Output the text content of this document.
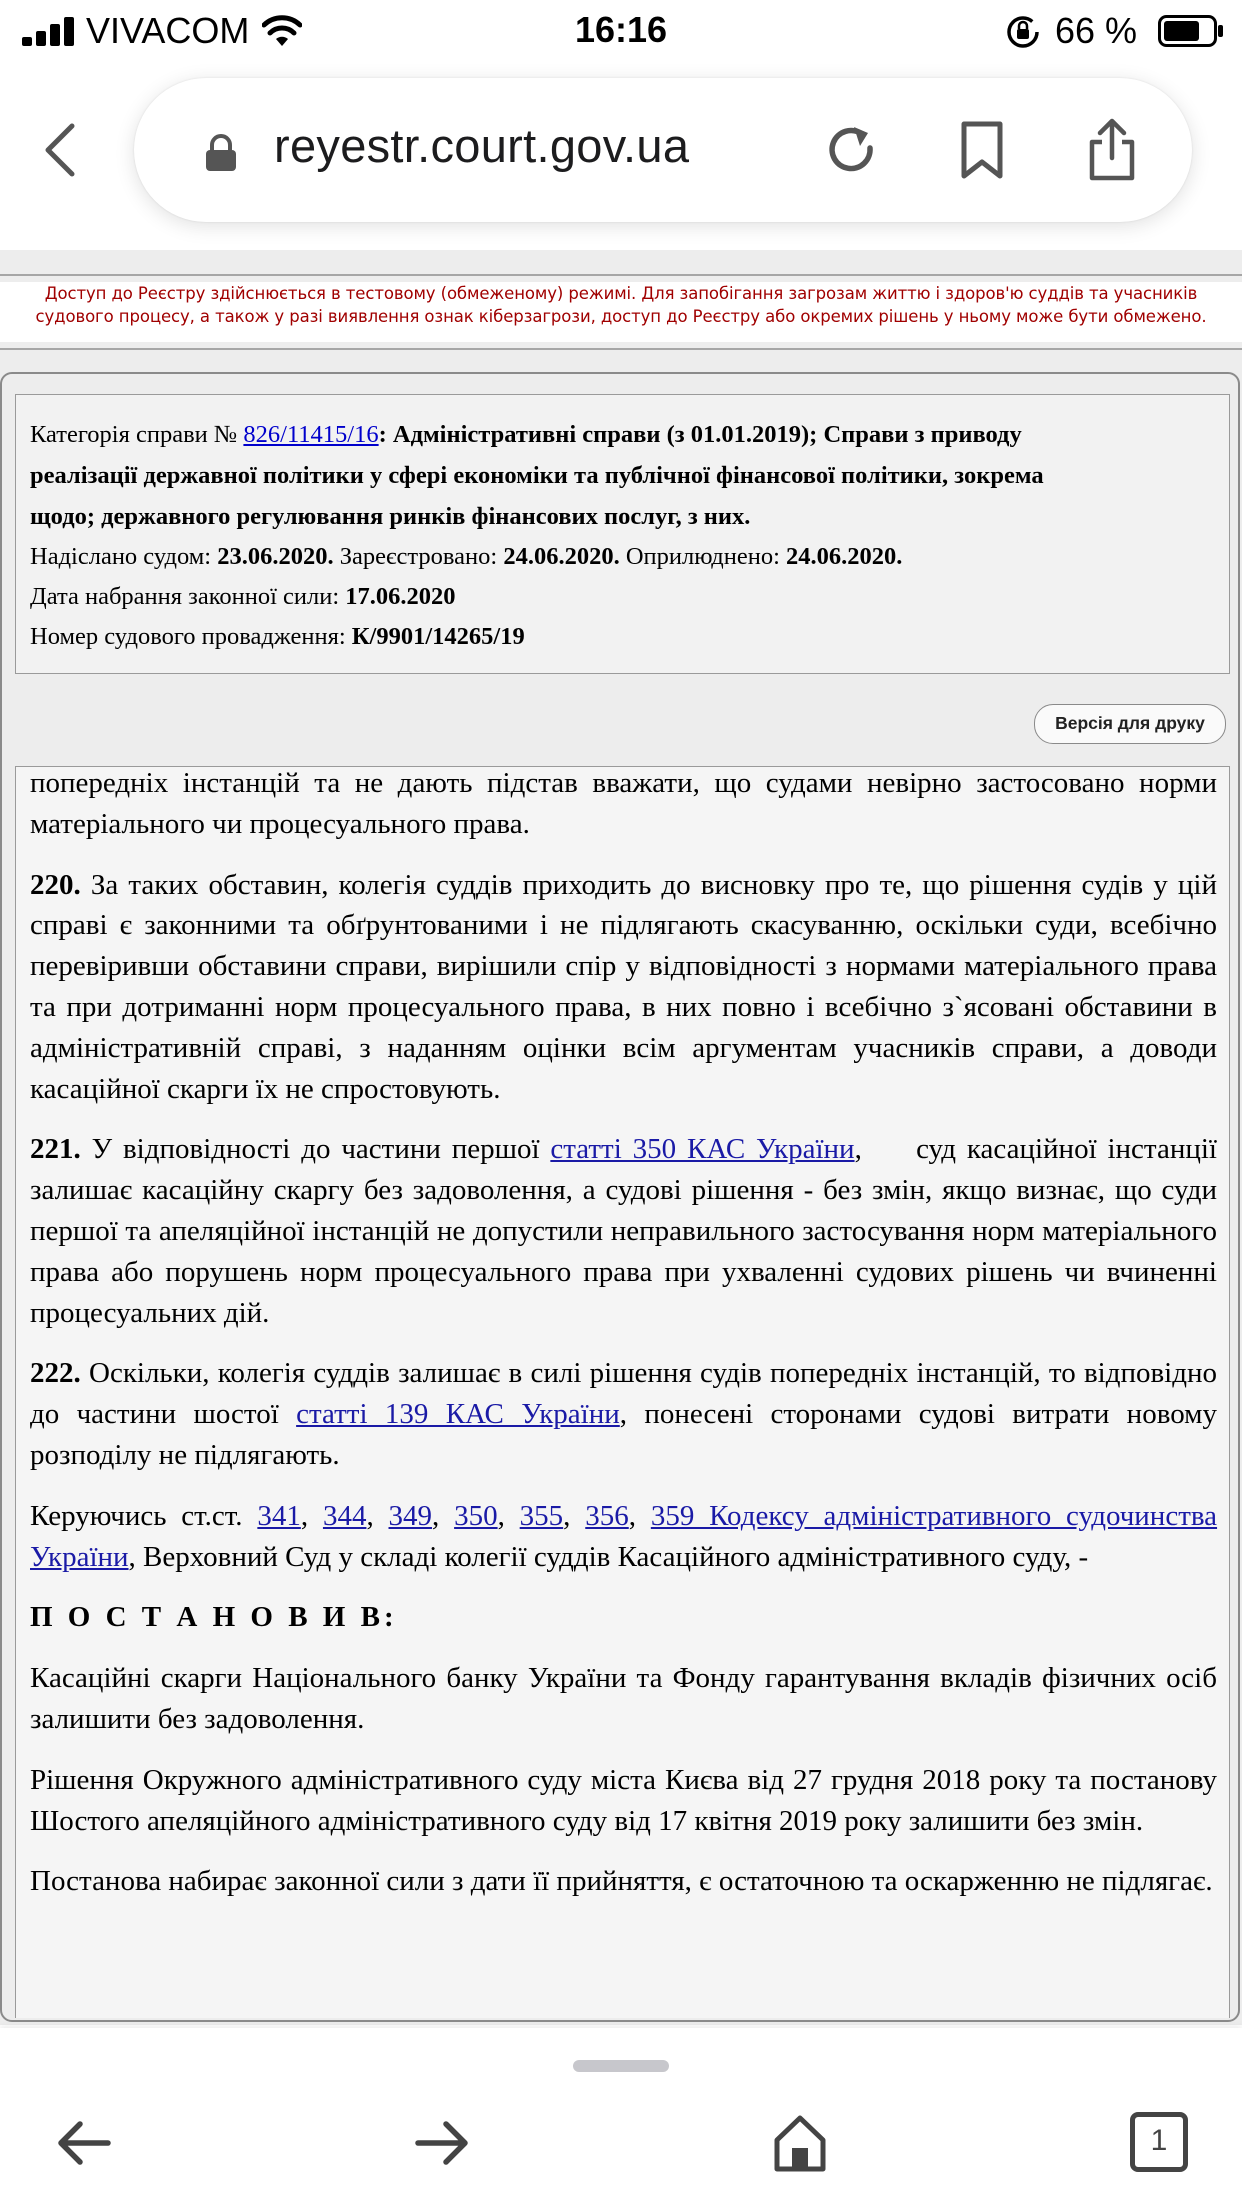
VIVACOM	16:16	66 %
reyestr.court.gov.ua
Доступ до Реєстру здійснюється в тестовому (обмеженому) режимі. Для запобігання загрозам життю і здоров'ю суддів та учасників
судового процесу, а також у разі виявлення ознак кіберзагрози, доступ до Реєстру або окремих рішень у ньому може бути обмежено.

Категорія справи № 826/11415/16: Адміністративні справи (з 01.01.2019); Справи з приводу

реалізації державної політики у сфері економіки та публічної фінансової політики, зокрема

щодо; державного регулювання ринків фінансових послуг, з них.

Надіслано судом: 23.06.2020. Зареєстровано: 24.06.2020. Оприлюднено: 24.06.2020.

Дата набрання законної сили: 17.06.2020

Номер судового провадження: К/9901/14265/19

Версія для друку

попередніх інстанцій та не дають підстав вважати, що судами невірно застосовано норми матеріального чи процесуального права.

220. За таких обставин, колегія суддів приходить до висновку про те, що рішення судів у цій справі є законними та обґрунтованими і не підлягають скасуванню, оскільки суди, всебічно перевіривши обставини справи, вирішили спір у відповідності з нормами матеріального права та при дотриманні норм процесуального права, в них повно і всебічно з`ясовані обставини в адміністративній справі, з наданням оцінки всім аргументам учасників справи, а доводи касаційної скарги їх не спростовують.

221. У відповідності до частини першої статті 350 КАС України,     суд касаційної інстанції залишає касаційну скаргу без задоволення, а судові рішення - без змін, якщо визнає, що суди першої та апеляційної інстанцій не допустили неправильного застосування норм матеріального права або порушень норм процесуального права при ухваленні судових рішень чи вчиненні процесуальних дій.

222. Оскільки, колегія суддів залишає в силі рішення судів попередніх інстанцій, то відповідно до частини шостої статті 139 КАС України, понесені сторонами судові витрати новому розподілу не підлягають.

Керуючись ст.ст. 341, 344, 349, 350, 355, 356, 359 Кодексу адміністративного судочинства України, Верховний Суд у складі колегії суддів Касаційного адміністративного суду, -

П О С Т А Н О В И В:

Касаційні скарги Національного банку України та Фонду гарантування вкладів фізичних осіб залишити без задоволення.

Рішення Окружного адміністративного суду міста Києва від 27 грудня 2018 року та постанову Шостого апеляційного адміністративного суду від 17 квітня 2019 року залишити без змін.

Постанова набирає законної сили з дати її прийняття, є остаточною та оскарженню не підлягає.

1
